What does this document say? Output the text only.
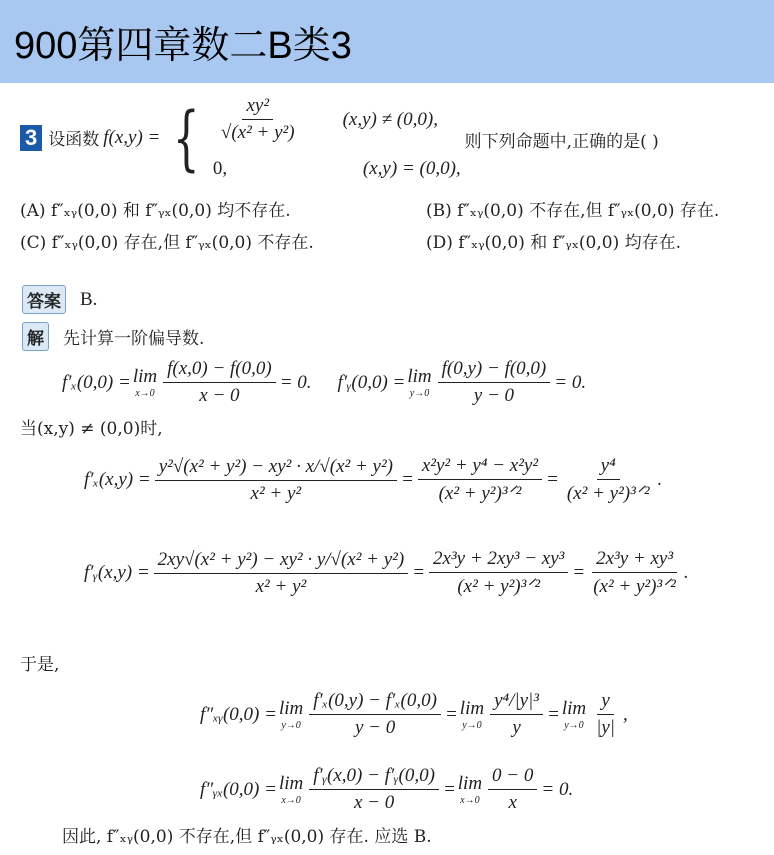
900第四章数二B类3
3 设函数 f(x,y) = { $\frac{\text{xy²}}{\text{√(x² + y²)}} (x,y) \ne (0,0)$,
0,	(x,y) = (0,0),
则下列命题中,正确的是( )
(A) f″ₓᵧ(0,0) 和 f″ᵧₓ(0,0) 均不存在.	(B) f″ₓᵧ(0,0) 不存在,但 f″ᵧₓ(0,0) 存在.
(C) f″ₓᵧ(0,0) 存在,但 f″ᵧₓ(0,0) 不存在.	(D) f″ₓᵧ(0,0) 和 f″ᵧₓ(0,0) 均存在.
答案 B.
解 先计算一阶偏导数.
f′ₓ(0,0) = lim
$x\to 0 \frac{f(x,0) - f(0,0)}{x - 0} = 0$. f′ᵧ(0,0) = lim
$y\to 0 \frac{f(0,y) - f(0,0)}{y - 0} = 0$.
当(x,y) ≠ (0,0)时,
$f'_x(x,y) = \frac{\text{y²√(x² + y²) − xy² · x/√(x² + y²)}}{\text{x² + y²}} = \frac{\text{x²y² + y⁴ − x²y²}}{\text{(x² + y²)³ᐟ²}} = \frac{\text{y⁴}}{\text{(x² + y²)³ᐟ²}}$ .
f′ᵧ(x,y) = $\frac{\text{2xy√(x² + y²) − xy² · y/√(x² + y²)}}{\text{x² + y²}} = \frac{\text{2x³y + 2xy³ − xy³}}{\text{(x² + y²)³ᐟ²}} = \frac{\text{2x³y + xy³}}{\text{(x² + y²)³ᐟ²}}$ .
于是,
f″ₓᵧ(0,0) = lim
$y\to 0 \frac{\text{f′ₓ(0,y) − f′ₓ(0,0)}}{y - 0} = \lim$
$y\to 0 \frac{\text{y⁴/|y|³}}{y} = \lim$
$y\to 0 \frac{y}{|y|}$ ,
f″ᵧₓ(0,0) = lim
$x\to 0 \frac{\text{f′ᵧ(x,0) − f′ᵧ(0,0)}}{x - 0} = \lim$
$x\to 0 \frac{0 - 0}{x} = 0$.
因此, f″ₓᵧ(0,0) 不存在,但 f″ᵧₓ(0,0) 存在. 应选 B.
